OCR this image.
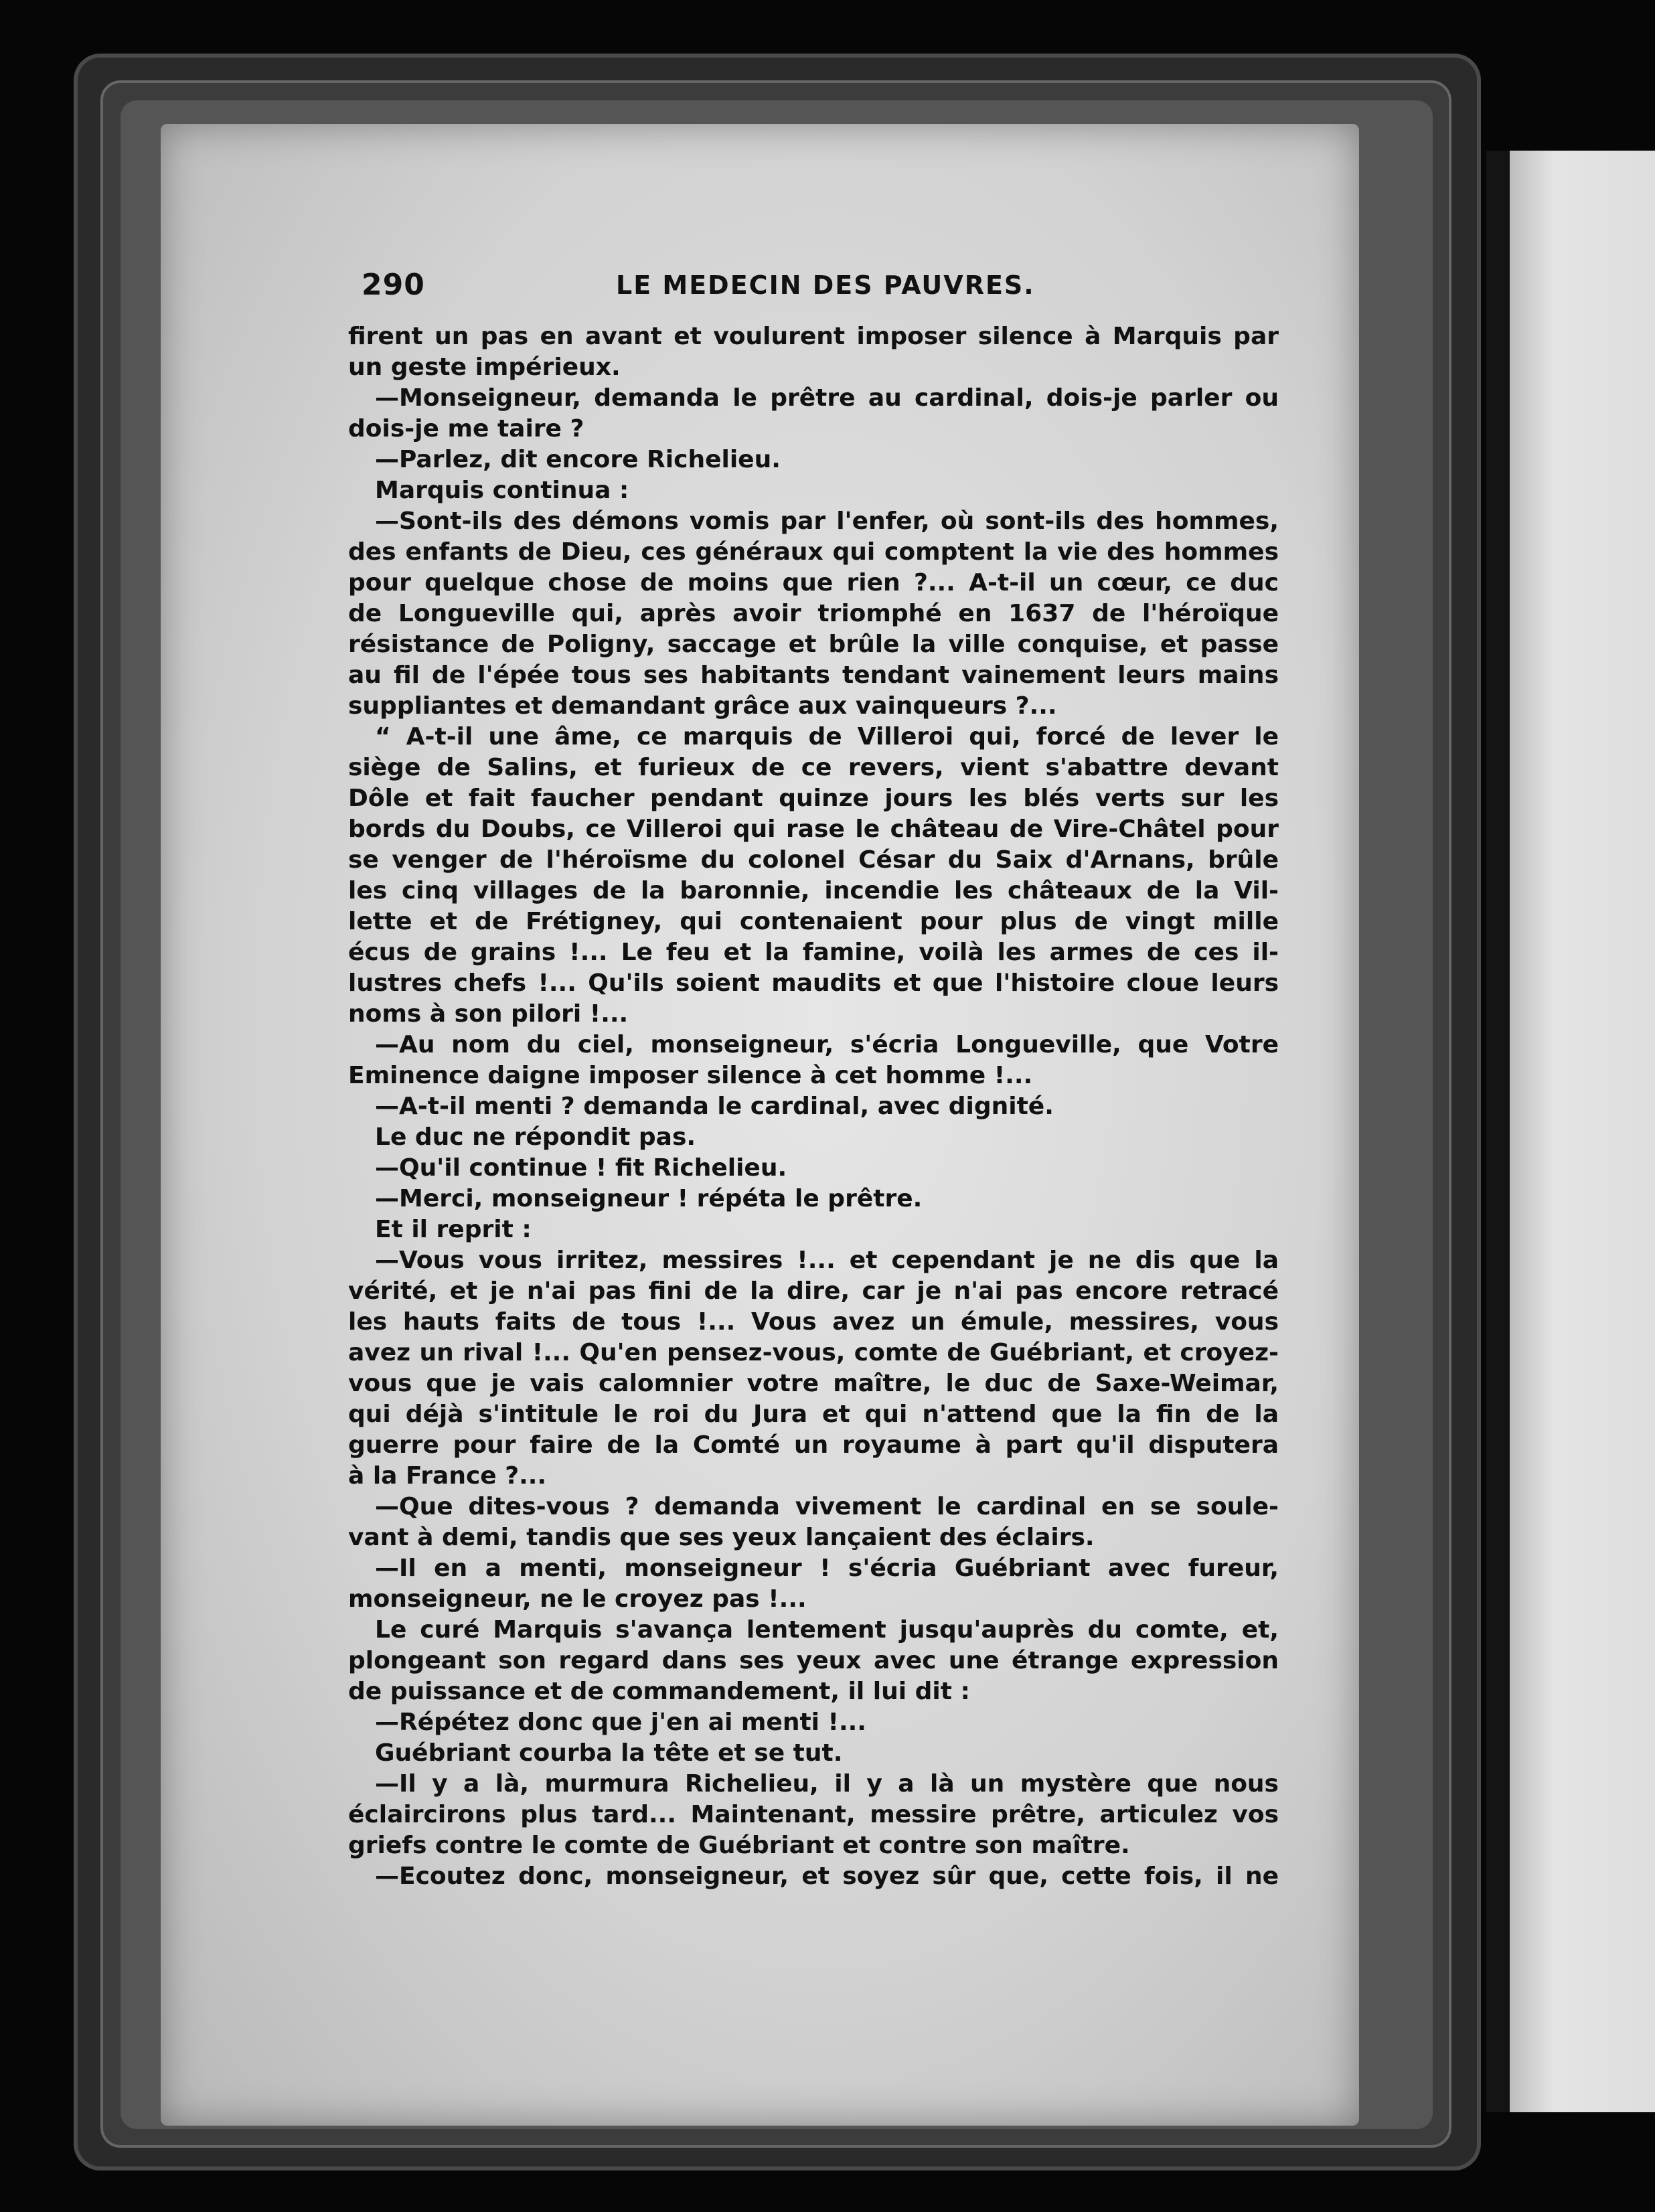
290	LE MEDECIN DES PAUVRES.
firent un pas en avant et voulurent imposer silence à Marquis par
un geste impérieux.
—Monseigneur, demanda le prêtre au cardinal, dois-je parler ou
dois-je me taire ?
—Parlez, dit encore Richelieu.
Marquis continua :
—Sont-ils des démons vomis par l'enfer, où sont-ils des hommes,
des enfants de Dieu, ces généraux qui comptent la vie des hommes
pour quelque chose de moins que rien ?... A-t-il un cœur, ce duc
de Longueville qui, après avoir triomphé en 1637 de l'héroïque
résistance de Poligny, saccage et brûle la ville conquise, et passe
au fil de l'épée tous ses habitants tendant vainement leurs mains
suppliantes et demandant grâce aux vainqueurs ?...
“ A-t-il une âme, ce marquis de Villeroi qui, forcé de lever le
siège de Salins, et furieux de ce revers, vient s'abattre devant
Dôle et fait faucher pendant quinze jours les blés verts sur les
bords du Doubs, ce Villeroi qui rase le château de Vire-Châtel pour
se venger de l'héroïsme du colonel César du Saix d'Arnans, brûle
les cinq villages de la baronnie, incendie les châteaux de la Vil-
lette et de Frétigney, qui contenaient pour plus de vingt mille
écus de grains !... Le feu et la famine, voilà les armes de ces il-
lustres chefs !... Qu'ils soient maudits et que l'histoire cloue leurs
noms à son pilori !...
—Au nom du ciel, monseigneur, s'écria Longueville, que Votre
Eminence daigne imposer silence à cet homme !...
—A-t-il menti ? demanda le cardinal, avec dignité.
Le duc ne répondit pas.
—Qu'il continue ! fit Richelieu.
—Merci, monseigneur ! répéta le prêtre.
Et il reprit :
—Vous vous irritez, messires !... et cependant je ne dis que la
vérité, et je n'ai pas fini de la dire, car je n'ai pas encore retracé
les hauts faits de tous !... Vous avez un émule, messires, vous
avez un rival !... Qu'en pensez-vous, comte de Guébriant, et croyez-
vous que je vais calomnier votre maître, le duc de Saxe-Weimar,
qui déjà s'intitule le roi du Jura et qui n'attend que la fin de la
guerre pour faire de la Comté un royaume à part qu'il disputera
à la France ?...
—Que dites-vous ? demanda vivement le cardinal en se soule-
vant à demi, tandis que ses yeux lançaient des éclairs.
—Il en a menti, monseigneur ! s'écria Guébriant avec fureur,
monseigneur, ne le croyez pas !...
Le curé Marquis s'avança lentement jusqu'auprès du comte, et,
plongeant son regard dans ses yeux avec une étrange expression
de puissance et de commandement, il lui dit :
—Répétez donc que j'en ai menti !...
Guébriant courba la tête et se tut.
—Il y a là, murmura Richelieu, il y a là un mystère que nous
éclaircirons plus tard... Maintenant, messire prêtre, articulez vos
griefs contre le comte de Guébriant et contre son maître.
—Ecoutez donc, monseigneur, et soyez sûr que, cette fois, il ne
